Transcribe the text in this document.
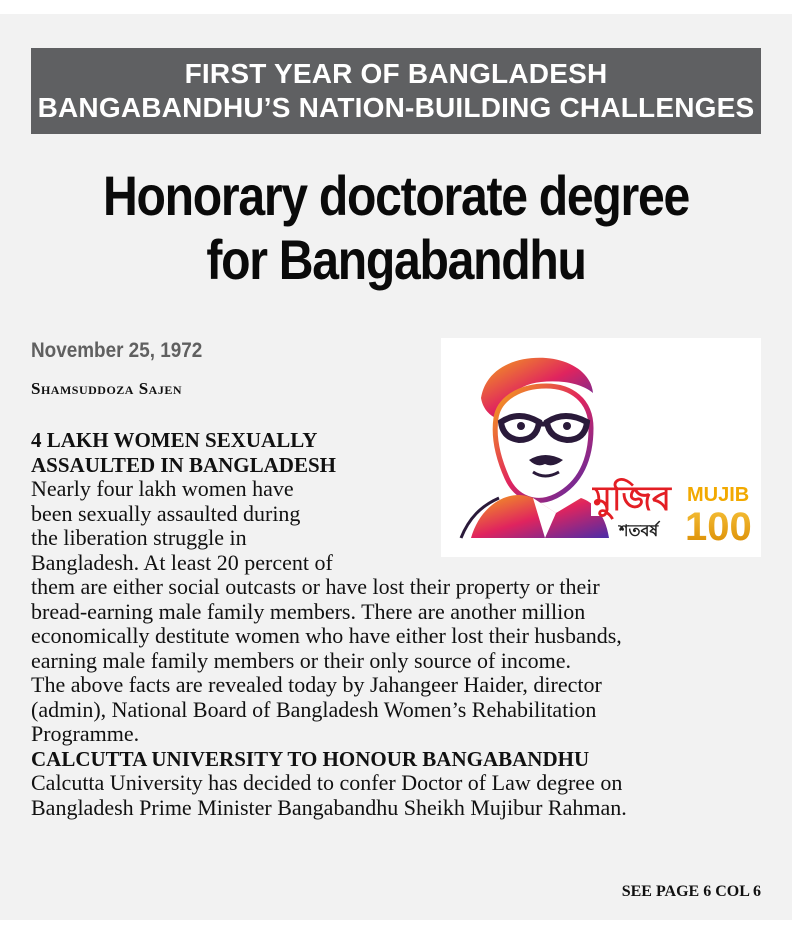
FIRST YEAR OF BANGLADESH
BANGABANDHU’S NATION-BUILDING CHALLENGES
Honorary doctorate degree
for Bangabandhu
November 25, 1972
Shamsuddoza Sajen
মুজিব
শতবর্ষ
MUJIB
100
4 LAKH WOMEN SEXUALLY
ASSAULTED IN BANGLADESH
Nearly four lakh women have
been sexually assaulted during
the liberation struggle in
Bangladesh. At least 20 percent of
them are either social outcasts or have lost their property or their
bread-earning male family members. There are another million
economically destitute women who have either lost their husbands,
earning male family members or their only source of income.
The above facts are revealed today by Jahangeer Haider, director
(admin), National Board of Bangladesh Women’s Rehabilitation
Programme.
CALCUTTA UNIVERSITY TO HONOUR BANGABANDHU
Calcutta University has decided to confer Doctor of Law degree on
Bangladesh Prime Minister Bangabandhu Sheikh Mujibur Rahman.
SEE PAGE 6 COL 6
